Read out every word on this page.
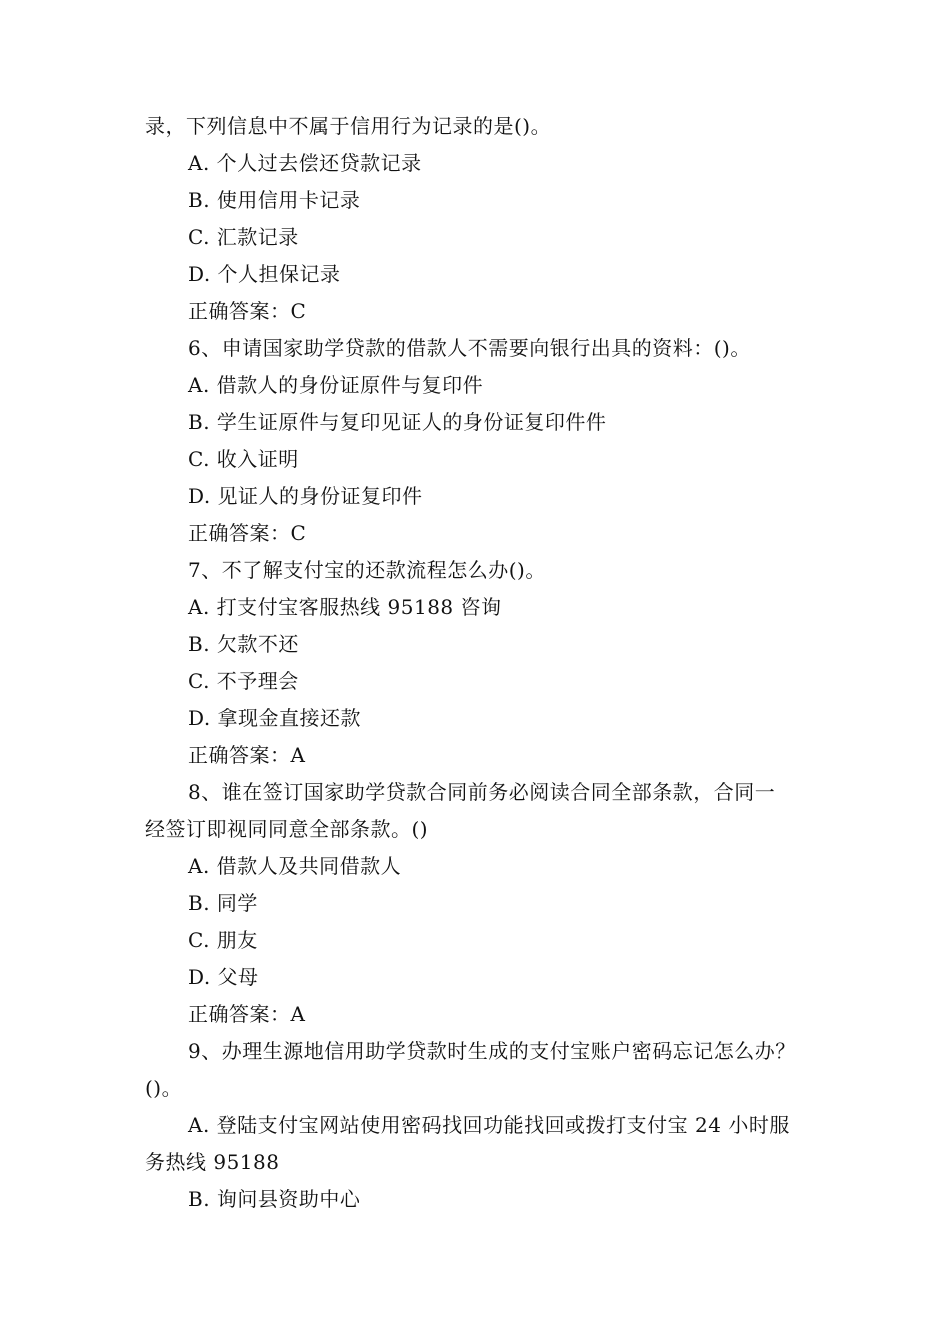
录，下列信息中不属于信用行为记录的是()。

A. 个人过去偿还贷款记录

B. 使用信用卡记录

C. 汇款记录

D. 个人担保记录

正确答案：C

6、申请国家助学贷款的借款人不需要向银行出具的资料：()。

A. 借款人的身份证原件与复印件

B. 学生证原件与复印见证人的身份证复印件件

C. 收入证明

D. 见证人的身份证复印件

正确答案：C

7、不了解支付宝的还款流程怎么办()。

A. 打支付宝客服热线 95188 咨询

B. 欠款不还

C. 不予理会

D. 拿现金直接还款

正确答案：A

8、谁在签订国家助学贷款合同前务必阅读合同全部条款，合同一

经签订即视同同意全部条款。()

A. 借款人及共同借款人

B. 同学

C. 朋友

D. 父母

正确答案：A

9、办理生源地信用助学贷款时生成的支付宝账户密码忘记怎么办？

()。

A. 登陆支付宝网站使用密码找回功能找回或拨打支付宝 24 小时服

务热线 95188

B. 询问县资助中心
